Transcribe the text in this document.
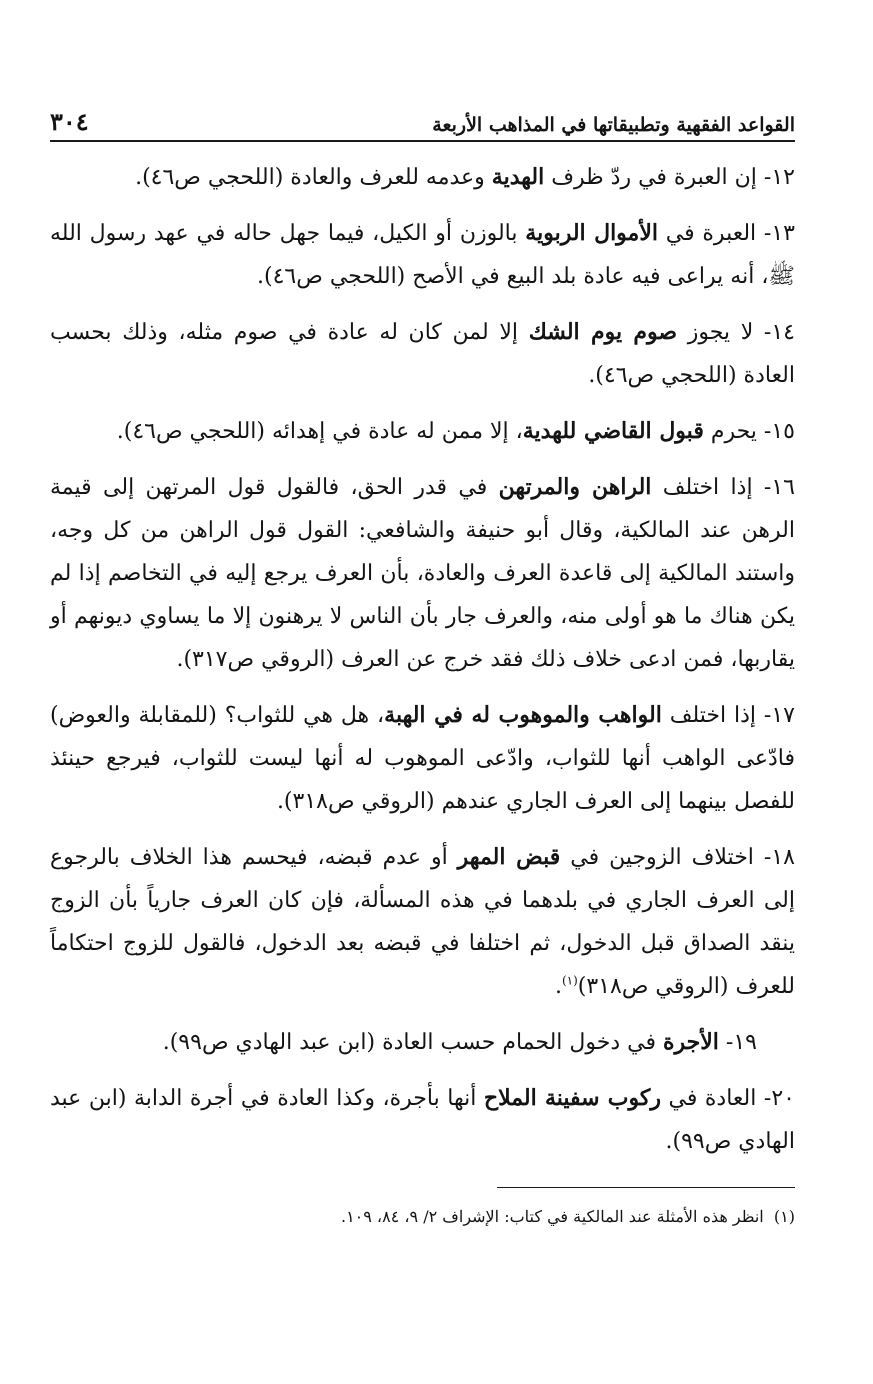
القواعد الفقهية وتطبيقاتها في المذاهب الأربعة
٣٠٤

١٢- إن العبرة في ردّ ظرف الهدية وعدمه للعرف والعادة (اللحجي ص٤٦).

١٣- العبرة في الأموال الربوية بالوزن أو الكيل، فيما جهل حاله في عهد رسول الله ﷺ، أنه يراعى فيه عادة بلد البيع في الأصح (اللحجي ص٤٦).

١٤- لا يجوز صوم يوم الشك إلا لمن كان له عادة في صوم مثله، وذلك بحسب العادة (اللحجي ص٤٦).

١٥- يحرم قبول القاضي للهدية، إلا ممن له عادة في إهدائه (اللحجي ص٤٦).

١٦- إذا اختلف الراهن والمرتهن في قدر الحق، فالقول قول المرتهن إلى قيمة الرهن عند المالكية، وقال أبو حنيفة والشافعي: القول قول الراهن من كل وجه، واستند المالكية إلى قاعدة العرف والعادة، بأن العرف يرجع إليه في التخاصم إذا لم يكن هناك ما هو أولى منه، والعرف جار بأن الناس لا يرهنون إلا ما يساوي ديونهم أو يقاربها، فمن ادعى خلاف ذلك فقد خرج عن العرف (الروقي ص٣١٧).

١٧- إذا اختلف الواهب والموهوب له في الهبة، هل هي للثواب؟ (للمقابلة والعوض) فادّعى الواهب أنها للثواب، وادّعى الموهوب له أنها ليست للثواب، فيرجع حينئذ للفصل بينهما إلى العرف الجاري عندهم (الروقي ص٣١٨).

١٨- اختلاف الزوجين في قبض المهر أو عدم قبضه، فيحسم هذا الخلاف بالرجوع إلى العرف الجاري في بلدهما في هذه المسألة، فإن كان العرف جارياً بأن الزوج ينقد الصداق قبل الدخول، ثم اختلفا في قبضه بعد الدخول، فالقول للزوج احتكاماً للعرف (الروقي ص٣١٨)$^{(١)}$.

١٩- الأجرة في دخول الحمام حسب العادة (ابن عبد الهادي ص٩٩).

٢٠- العادة في ركوب سفينة الملاح أنها بأجرة، وكذا العادة في أجرة الدابة (ابن عبد الهادي ص٩٩).

(١)  انظر هذه الأمثلة عند المالكية في كتاب: الإشراف ٢/ ٩، ٨٤، ١٠٩.
